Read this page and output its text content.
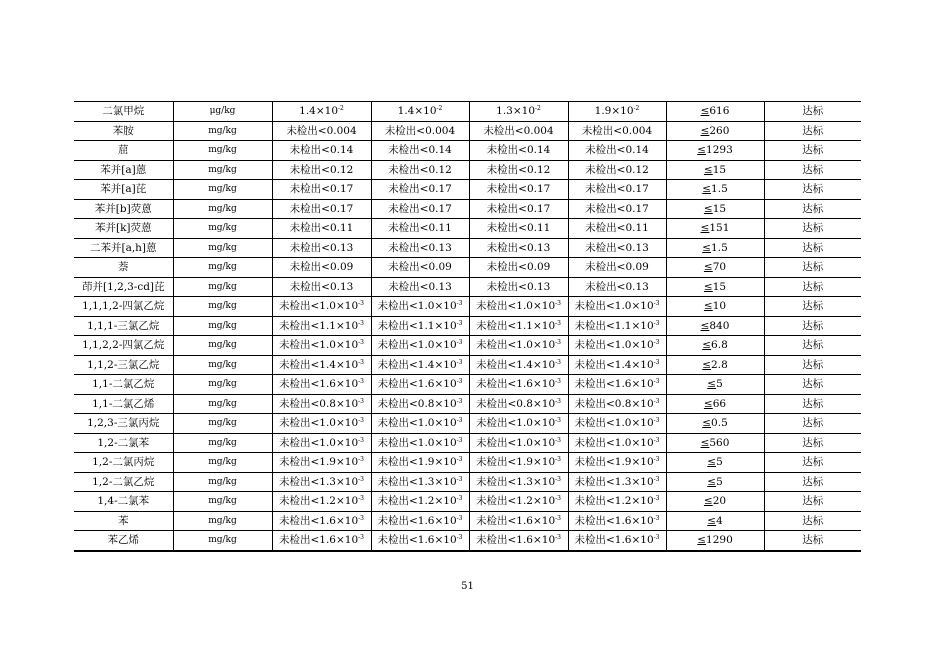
二氯甲烷	μg/kg	$1.4\times 10^{-2}$	$1.4\times 10^{-2}$	$1.3\times 10^{-2}$	$1.9\times 10^{-2}$	≤616	达标
苯胺	mg/kg	未检出<0.004	未检出<0.004	未检出<0.004	未检出<0.004	≤260	达标
䓛	mg/kg	未检出<0.14	未检出<0.14	未检出<0.14	未检出<0.14	≤1293	达标
苯并[a]蒽	mg/kg	未检出<0.12	未检出<0.12	未检出<0.12	未检出<0.12	≤15	达标
苯并[a]芘	mg/kg	未检出<0.17	未检出<0.17	未检出<0.17	未检出<0.17	≤1.5	达标
苯并[b]荧蒽	mg/kg	未检出<0.17	未检出<0.17	未检出<0.17	未检出<0.17	≤15	达标
苯并[k]荧蒽	mg/kg	未检出<0.11	未检出<0.11	未检出<0.11	未检出<0.11	≤151	达标
二苯并[a,h]蒽	mg/kg	未检出<0.13	未检出<0.13	未检出<0.13	未检出<0.13	≤1.5	达标
萘	mg/kg	未检出<0.09	未检出<0.09	未检出<0.09	未检出<0.09	≤70	达标
茚并[1,2,3-cd]芘	mg/kg	未检出<0.13	未检出<0.13	未检出<0.13	未检出<0.13	≤15	达标
1,1,1,2-四氯乙烷	mg/kg	未检出$<1.0\times 10^{-3}$	未检出$<1.0\times 10^{-3}$	未检出$<1.0\times 10^{-3}$	未检出$<1.0\times 10^{-3}$	≤10	达标
1,1,1-三氯乙烷	mg/kg	未检出$<1.1\times 10^{-3}$	未检出$<1.1\times 10^{-3}$	未检出$<1.1\times 10^{-3}$	未检出$<1.1\times 10^{-3}$	≤840	达标
1,1,2,2-四氯乙烷	mg/kg	未检出$<1.0\times 10^{-3}$	未检出$<1.0\times 10^{-3}$	未检出$<1.0\times 10^{-3}$	未检出$<1.0\times 10^{-3}$	≤6.8	达标
1,1,2-三氯乙烷	mg/kg	未检出$<1.4\times 10^{-3}$	未检出$<1.4\times 10^{-3}$	未检出$<1.4\times 10^{-3}$	未检出$<1.4\times 10^{-3}$	≤2.8	达标
1,1-二氯乙烷	mg/kg	未检出$<1.6\times 10^{-3}$	未检出$<1.6\times 10^{-3}$	未检出$<1.6\times 10^{-3}$	未检出$<1.6\times 10^{-3}$	≤5	达标
1,1-二氯乙烯	mg/kg	未检出$<0.8\times 10^{-3}$	未检出$<0.8\times 10^{-3}$	未检出$<0.8\times 10^{-3}$	未检出$<0.8\times 10^{-3}$	≤66	达标
1,2,3-三氯丙烷	mg/kg	未检出$<1.0\times 10^{-3}$	未检出$<1.0\times 10^{-3}$	未检出$<1.0\times 10^{-3}$	未检出$<1.0\times 10^{-3}$	≤0.5	达标
1,2-二氯苯	mg/kg	未检出$<1.0\times 10^{-3}$	未检出$<1.0\times 10^{-3}$	未检出$<1.0\times 10^{-3}$	未检出$<1.0\times 10^{-3}$	≤560	达标
1,2-二氯丙烷	mg/kg	未检出$<1.9\times 10^{-3}$	未检出$<1.9\times 10^{-3}$	未检出$<1.9\times 10^{-3}$	未检出$<1.9\times 10^{-3}$	≤5	达标
1,2-二氯乙烷	mg/kg	未检出$<1.3\times 10^{-3}$	未检出$<1.3\times 10^{-3}$	未检出$<1.3\times 10^{-3}$	未检出$<1.3\times 10^{-3}$	≤5	达标
1,4-二氯苯	mg/kg	未检出$<1.2\times 10^{-3}$	未检出$<1.2\times 10^{-3}$	未检出$<1.2\times 10^{-3}$	未检出$<1.2\times 10^{-3}$	≤20	达标
苯	mg/kg	未检出$<1.6\times 10^{-3}$	未检出$<1.6\times 10^{-3}$	未检出$<1.6\times 10^{-3}$	未检出$<1.6\times 10^{-3}$	≤4	达标
苯乙烯	mg/kg	未检出$<1.6\times 10^{-3}$	未检出$<1.6\times 10^{-3}$	未检出$<1.6\times 10^{-3}$	未检出$<1.6\times 10^{-3}$	≤1290	达标
51
